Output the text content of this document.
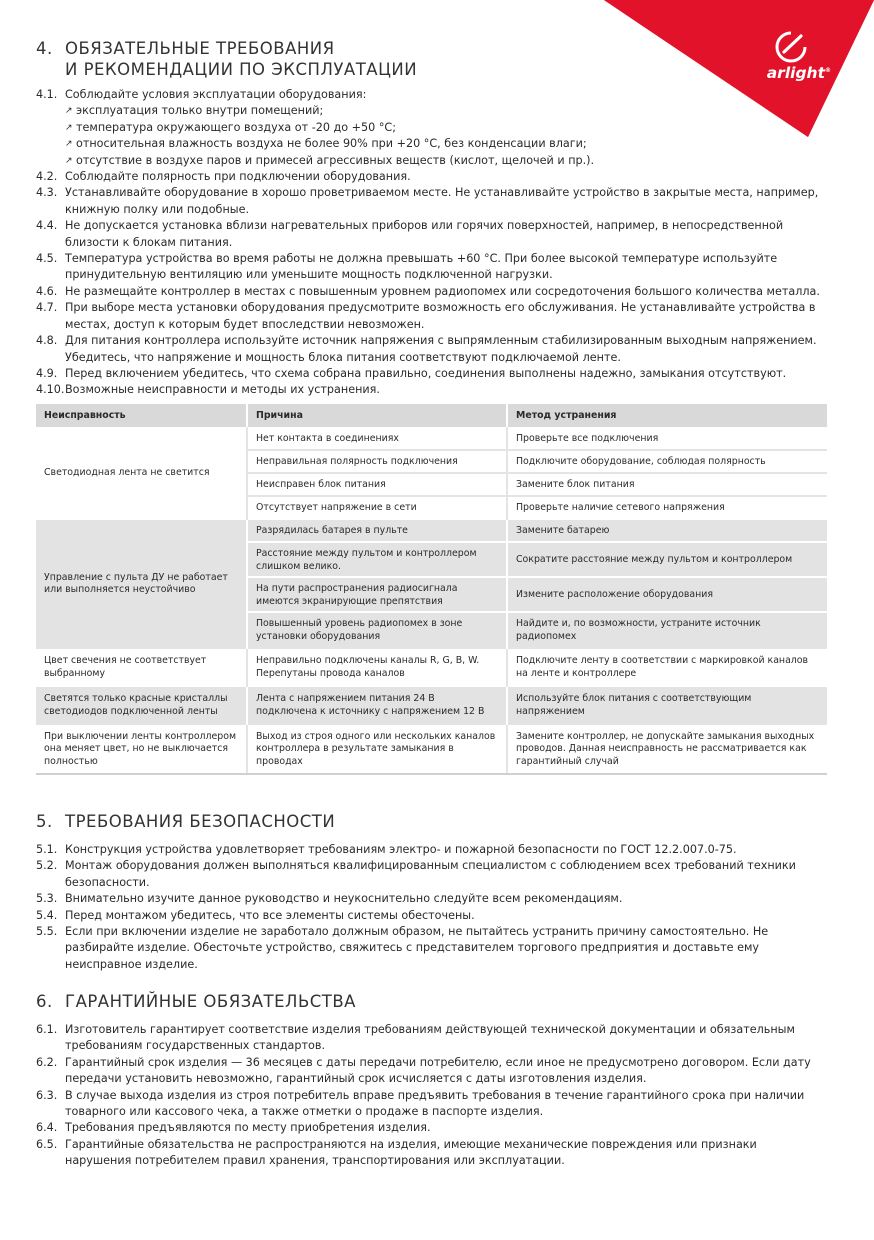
arlight®
4. ОБЯЗАТЕЛЬНЫЕ ТРЕБОВАНИЯ
И РЕКОМЕНДАЦИИ ПО ЭКСПЛУАТАЦИИ
4.1. Соблюдайте условия эксплуатации оборудования:
↗ эксплуатация только внутри помещений;
↗ температура окружающего воздуха от -20 до +50 °С;
↗ относительная влажность воздуха не более 90% при +20 °С, без конденсации влаги;
↗ отсутствие в воздухе паров и примесей агрессивных веществ (кислот, щелочей и пр.).
4.2. Соблюдайте полярность при подключении оборудования.
4.3. Устанавливайте оборудование в хорошо проветриваемом месте. Не устанавливайте устройство в закрытые места, например, книжную полку или подобные.
4.4. Не допускается установка вблизи нагревательных приборов или горячих поверхностей, например, в непосредственной близости к блокам питания.
4.5. Температура устройства во время работы не должна превышать +60 °С. При более высокой температуре используйте принудительную вентиляцию или уменьшите мощность подключенной нагрузки.
4.6. Не размещайте контроллер в местах с повышенным уровнем радиопомех или сосредоточения большого количества металла.
4.7. При выборе места установки оборудования предусмотрите возможность его обслуживания. Не устанавливайте устройства в местах, доступ к которым будет впоследствии невозможен.
4.8. Для питания контроллера используйте источник напряжения с выпрямленным стабилизированным выходным напряжением. Убедитесь, что напряжение и мощность блока питания соответствуют подключаемой ленте.
4.9. Перед включением убедитесь, что схема собрана правильно, соединения выполнены надежно, замыкания отсутствуют.
4.10. Возможные неисправности и методы их устранения.
Неисправность	Причина	Метод устранения
Светодиодная лента не светится	Нет контакта в соединениях	Проверьте все подключения
	Неправильная полярность подключения	Подключите оборудование, соблюдая полярность
	Неисправен блок питания	Замените блок питания
	Отсутствует напряжение в сети	Проверьте наличие сетевого напряжения
Управление с пульта ДУ не работает или выполняется неустойчиво	Разрядилась батарея в пульте	Замените батарею
	Расстояние между пультом и контроллером слишком велико.	Сократите расстояние между пультом и контроллером
	На пути распространения радиосигнала имеются экранирующие препятствия	Измените расположение оборудования
	Повышенный уровень радиопомех в зоне установки оборудования	Найдите и, по возможности, устраните источник радиопомех
Цвет свечения не соответствует выбранному	Неправильно подключены каналы R, G, B, W. Перепутаны провода каналов	Подключите ленту в соответствии с маркировкой каналов на ленте и контроллере
Светятся только красные кристаллы светодиодов подключенной ленты	Лента с напряжением питания 24 В подключена к источнику с напряжением 12 В	Используйте блок питания с соответствующим напряжением
При выключении ленты контроллером она меняет цвет, но не выключается полностью	Выход из строя одного или нескольких каналов контроллера в результате замыкания в проводах	Замените контроллер, не допускайте замыкания выходных проводов. Данная неисправность не рассматривается как гарантийный случай
5. ТРЕБОВАНИЯ БЕЗОПАСНОСТИ
5.1. Конструкция устройства удовлетворяет требованиям электро- и пожарной безопасности по ГОСТ 12.2.007.0-75.
5.2. Монтаж оборудования должен выполняться квалифицированным специалистом с соблюдением всех требований техники безопасности.
5.3. Внимательно изучите данное руководство и неукоснительно следуйте всем рекомендациям.
5.4. Перед монтажом убедитесь, что все элементы системы обесточены.
5.5. Если при включении изделие не заработало должным образом, не пытайтесь устранить причину самостоятельно. Не разбирайте изделие. Обесточьте устройство, свяжитесь с представителем торгового предприятия и доставьте ему неисправное изделие.
6. ГАРАНТИЙНЫЕ ОБЯЗАТЕЛЬСТВА
6.1. Изготовитель гарантирует соответствие изделия требованиям действующей технической документации и обязательным требованиям государственных стандартов.
6.2. Гарантийный срок изделия — 36 месяцев с даты передачи потребителю, если иное не предусмотрено договором. Если дату передачи установить невозможно, гарантийный срок исчисляется с даты изготовления изделия.
6.3. В случае выхода изделия из строя потребитель вправе предъявить требования в течение гарантийного срока при наличии товарного или кассового чека, а также отметки о продаже в паспорте изделия.
6.4. Требования предъявляются по месту приобретения изделия.
6.5. Гарантийные обязательства не распространяются на изделия, имеющие механические повреждения или признаки нарушения потребителем правил хранения, транспортирования или эксплуатации.
